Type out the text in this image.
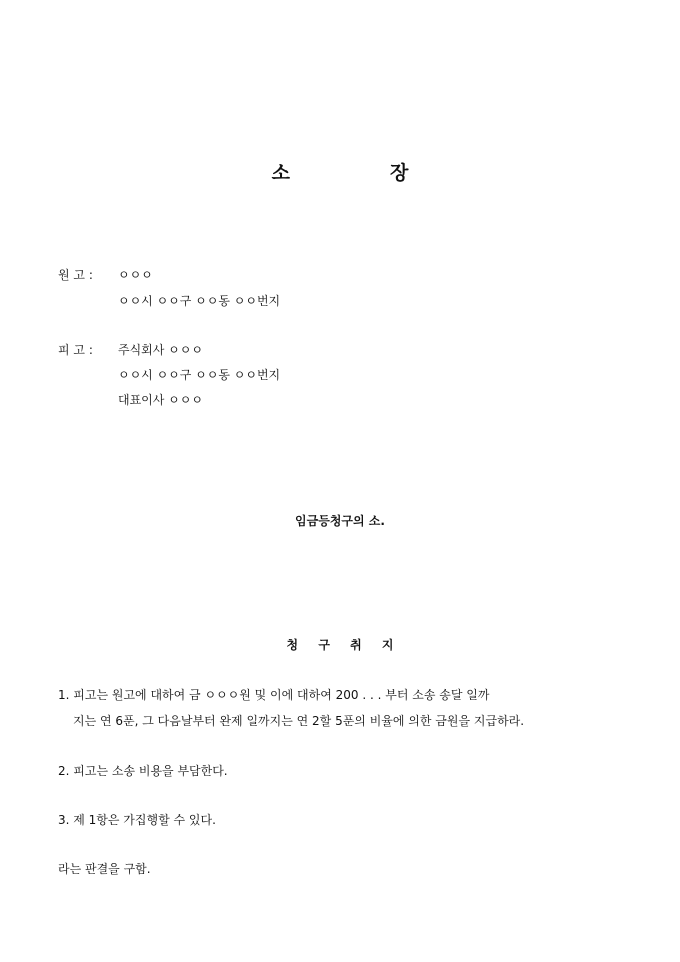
소	장
원 고 : ㅇㅇㅇ
ㅇㅇ시 ㅇㅇ구 ㅇㅇ동 ㅇㅇ번지
피 고 : 주식회사 ㅇㅇㅇ
ㅇㅇ시 ㅇㅇ구 ㅇㅇ동 ㅇㅇ번지
대표이사 ㅇㅇㅇ
임금등청구의 소.
청 구 취 지
1. 피고는 원고에 대하여 금 ㅇㅇㅇ원 및 이에 대하여 200 . . . 부터 소송 송달 일까
지는 연 6푼, 그 다음날부터 완제 일까지는 연 2할 5푼의 비율에 의한 금원을 지급하라.
2. 피고는 소송 비용을 부담한다.
3. 제 1항은 가집행할 수 있다.
라는 판결을 구함.
